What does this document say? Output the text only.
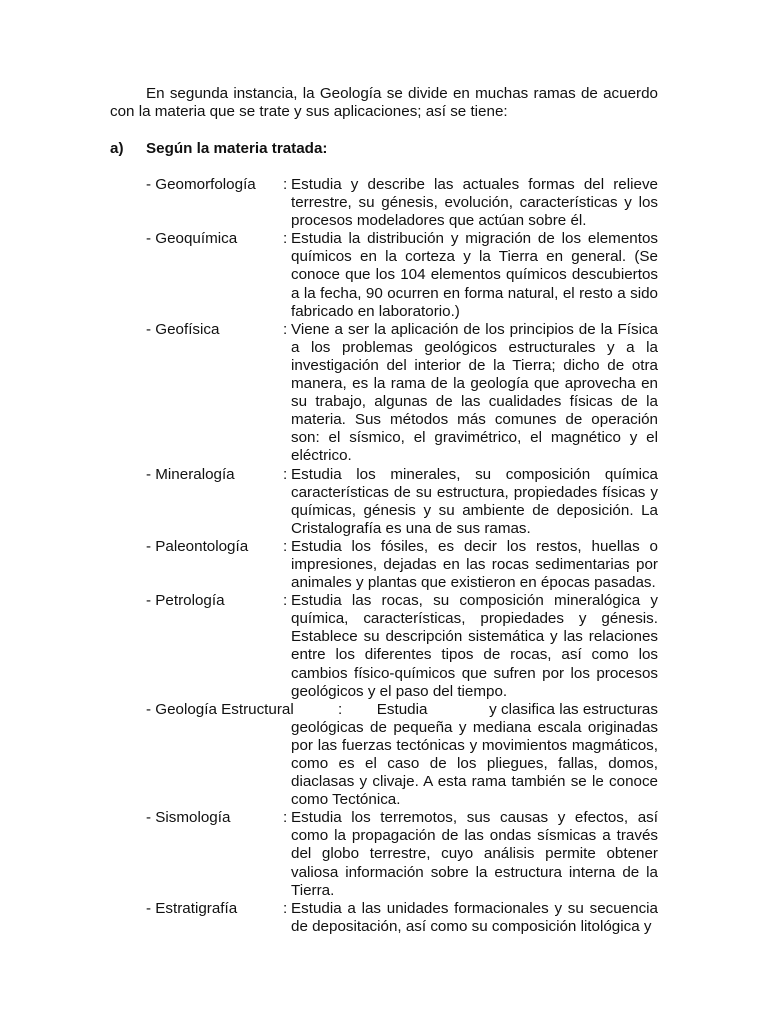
En segunda instancia, la Geología se divide en muchas ramas de acuerdo con la materia que se trate y sus aplicaciones; así se tiene:

a) Según la materia tratada:

- Geomorfología : Estudia y describe las actuales formas del relieve terrestre, su génesis, evolución, características y los procesos modeladores que actúan sobre él.

- Geoquímica	: Estudia la distribución y migración de los elementos químicos en la corteza y la Tierra en general. (Se conoce que los 104 elementos químicos descubiertos a la fecha, 90 ocurren en forma natural, el resto a sido fabricado en laboratorio.)

- Geofísica	: Viene a ser la aplicación de los principios de la Física a los problemas geológicos estructurales y a la investigación del interior de la Tierra; dicho de otra manera, es la rama de la geología que aprovecha en su trabajo, algunas de las cualidades físicas de la materia. Sus métodos más comunes de operación son: el sísmico, el gravimétrico, el magnético y el eléctrico.

- Mineralogía	: Estudia los minerales, su composición química características de su estructura, propiedades físicas y químicas, génesis y su ambiente de deposición. La Cristalografía es una de sus ramas.

- Paleontología : Estudia los fósiles, es decir los restos, huellas o impresiones, dejadas en las rocas sedimentarias por animales y plantas que existieron en épocas pasadas.

- Petrología	: Estudia las rocas, su composición mineralógica y química, características, propiedades y génesis. Establece su descripción sistemática y las relaciones entre los diferentes tipos de rocas, así como los cambios físico-químicos que sufren por los procesos geológicos y el paso del tiempo.

- Geología Estructural	: Estudia	y clasifica las estructuras

geológicas de pequeña y mediana escala originadas por las fuerzas tectónicas y movimientos magmáticos, como es el caso de los pliegues, fallas, domos, diaclasas y clivaje. A esta rama también se le conoce como Tectónica.

- Sismología	: Estudia los terremotos, sus causas y efectos, así como la propagación de las ondas sísmicas a través del globo terrestre, cuyo análisis permite obtener valiosa información sobre la estructura interna de la Tierra.

- Estratigrafía	: Estudia a las unidades formacionales y su secuencia de depositación, así como su composición litológica y
